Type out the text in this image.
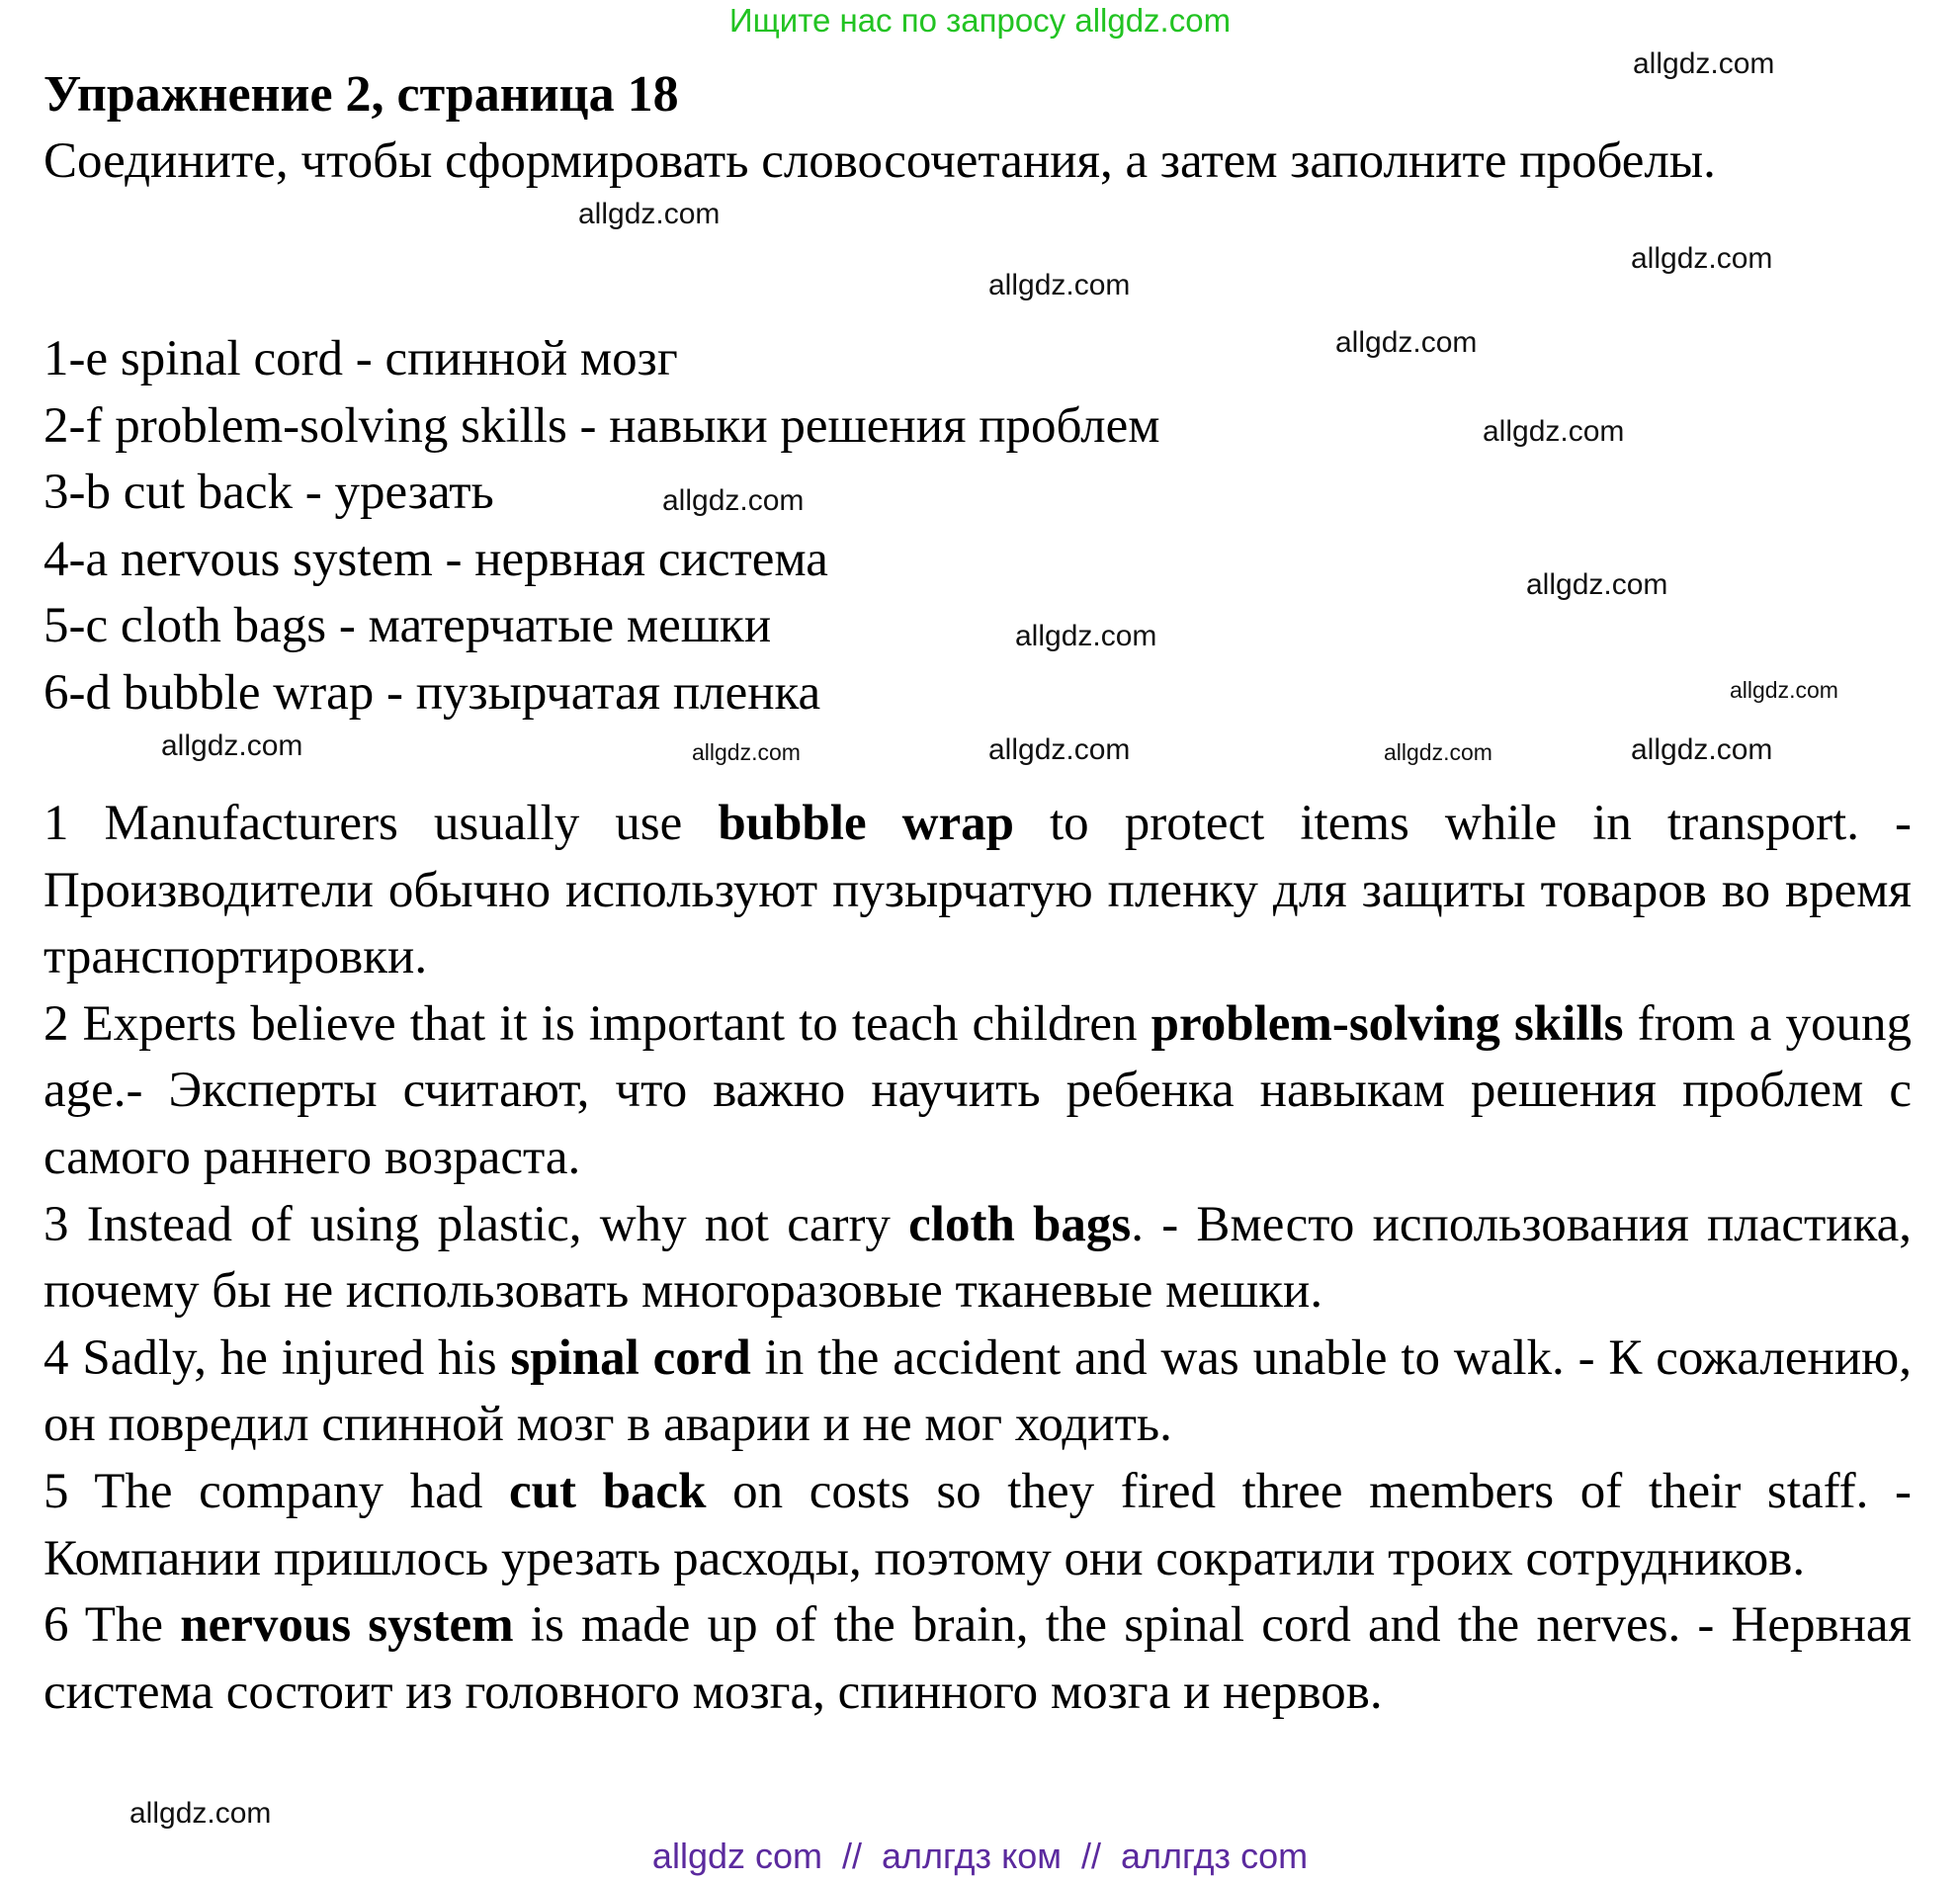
Ищите нас по запросу allgdz.com
Упражнение 2, страница 18
Соедините, чтобы сформировать словосочетания, а затем заполните пробелы.
1-e spinal cord - спинной мозг
2-f problem-solving skills - навыки решения проблем
3-b cut back - урезать
4-a nervous system - нервная система
5-c cloth bags - матерчатые мешки
6-d bubble wrap - пузырчатая пленка

1 Manufacturers usually use bubble wrap to protect items while in transport. - Производители обычно используют пузырчатую пленку для защиты товаров во время транспортировки.

2 Experts believe that it is important to teach children problem-solving skills from a young age.- Эксперты считают, что важно научить ребенка навыкам решения проблем с самого раннего возраста.

3 Instead of using plastic, why not carry cloth bags. - Вместо использования пластика, почему бы не использовать многоразовые тканевые мешки.

4 Sadly, he injured his spinal cord in the accident and was unable to walk. - К сожалению, он повредил спинной мозг в аварии и не мог ходить.

5 The company had cut back on costs so they fired three members of their staff. - Компании пришлось урезать расходы, поэтому они сократили троих сотрудников.

6 The nervous system is made up of the brain, the spinal cord and the nerves. - Нервная система состоит из головного мозга, спинного мозга и нервов.

allgdz.com
allgdz.com
allgdz.com
allgdz.com
allgdz.com
allgdz.com
allgdz.com
allgdz.com
allgdz.com
allgdz.com
allgdz.com	allgdz.com	allgdz.com	allgdz.com
allgdz.com
allgdz.com
allgdz com  //  аллгдз ком  //  аллгдз com
